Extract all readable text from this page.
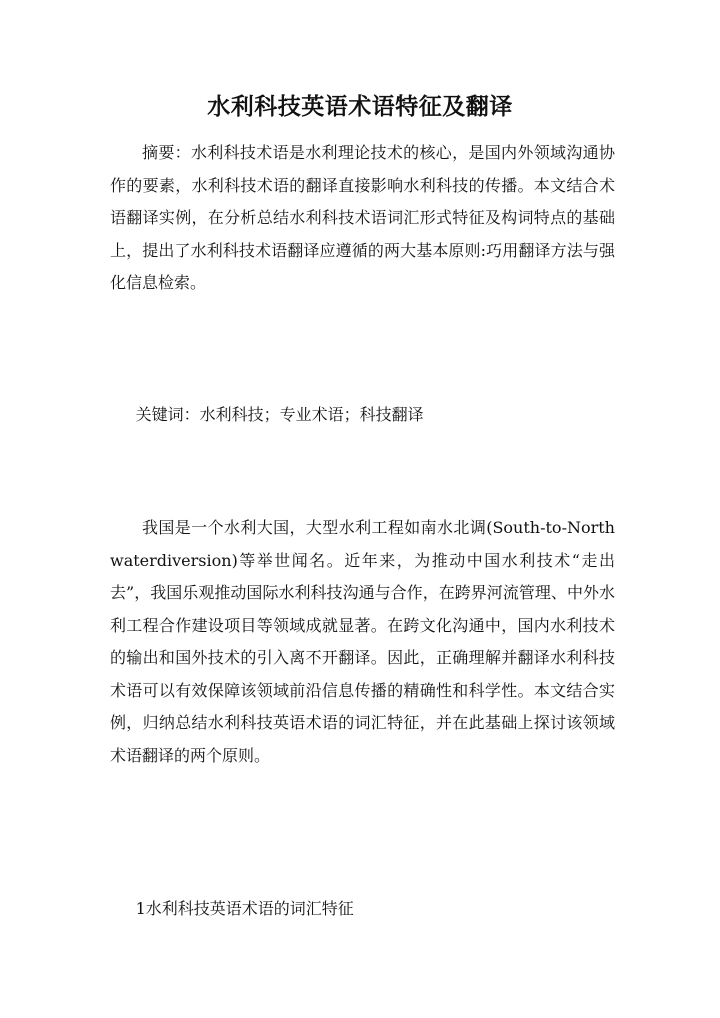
水利科技英语术语特征及翻译
摘要：水利科技术语是水利理论技术的核心，是国内外领域沟通协作的要素，水利科技术语的翻译直接影响水利科技的传播。本文结合术语翻译实例，在分析总结水利科技术语词汇形式特征及构词特点的基础上，提出了水利科技术语翻译应遵循的两大基本原则:巧用翻译方法与强化信息检索。
关键词：水利科技；专业术语；科技翻译
我国是一个水利大国，大型水利工程如南水北调(South-to-Northwaterdiversion)等举世闻名。近年来，为推动中国水利技术“走出去”，我国乐观推动国际水利科技沟通与合作，在跨界河流管理、中外水利工程合作建设项目等领域成就显著。在跨文化沟通中，国内水利技术的输出和国外技术的引入离不开翻译。因此，正确理解并翻译水利科技术语可以有效保障该领域前沿信息传播的精确性和科学性。本文结合实例，归纳总结水利科技英语术语的词汇特征，并在此基础上探讨该领域术语翻译的两个原则。
1水利科技英语术语的词汇特征
